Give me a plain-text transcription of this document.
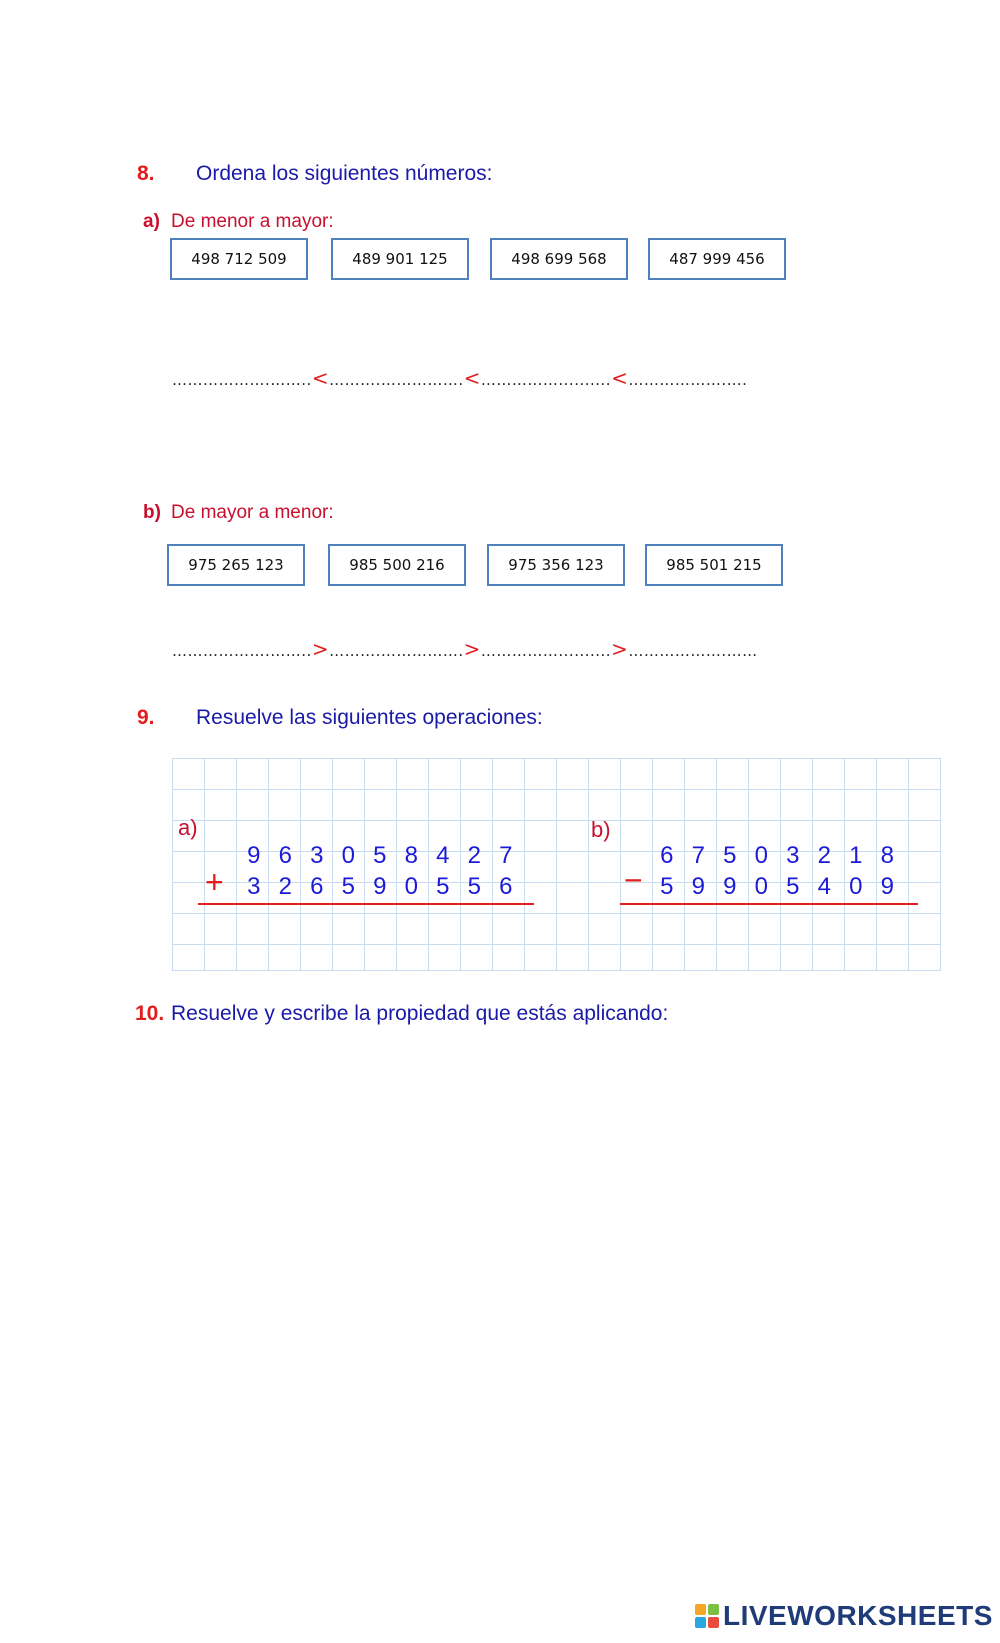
8. Ordena los siguientes números:
a) De menor a mayor:
498 712 509	489 901 125	498 699 568	487 999 456
……………….……..<……….…………….<……………..........<……………….….
b) De mayor a menor:
975 265 123	985 500 216	975 356 123	985 501 215
……………….……..>……….…………….>……………..........>……………….……
9. Resuelve las siguientes operaciones:
a)
9 6 3 0 5 8 4 2 7
+ 3 2 6 5 9 0 5 5 6
b)
6 7 5 0 3 2 1 8
− 5 9 9 0 5 4 0 9
10. Resuelve y escribe la propiedad que estás aplicando:
LIVEWORKSHEETS
